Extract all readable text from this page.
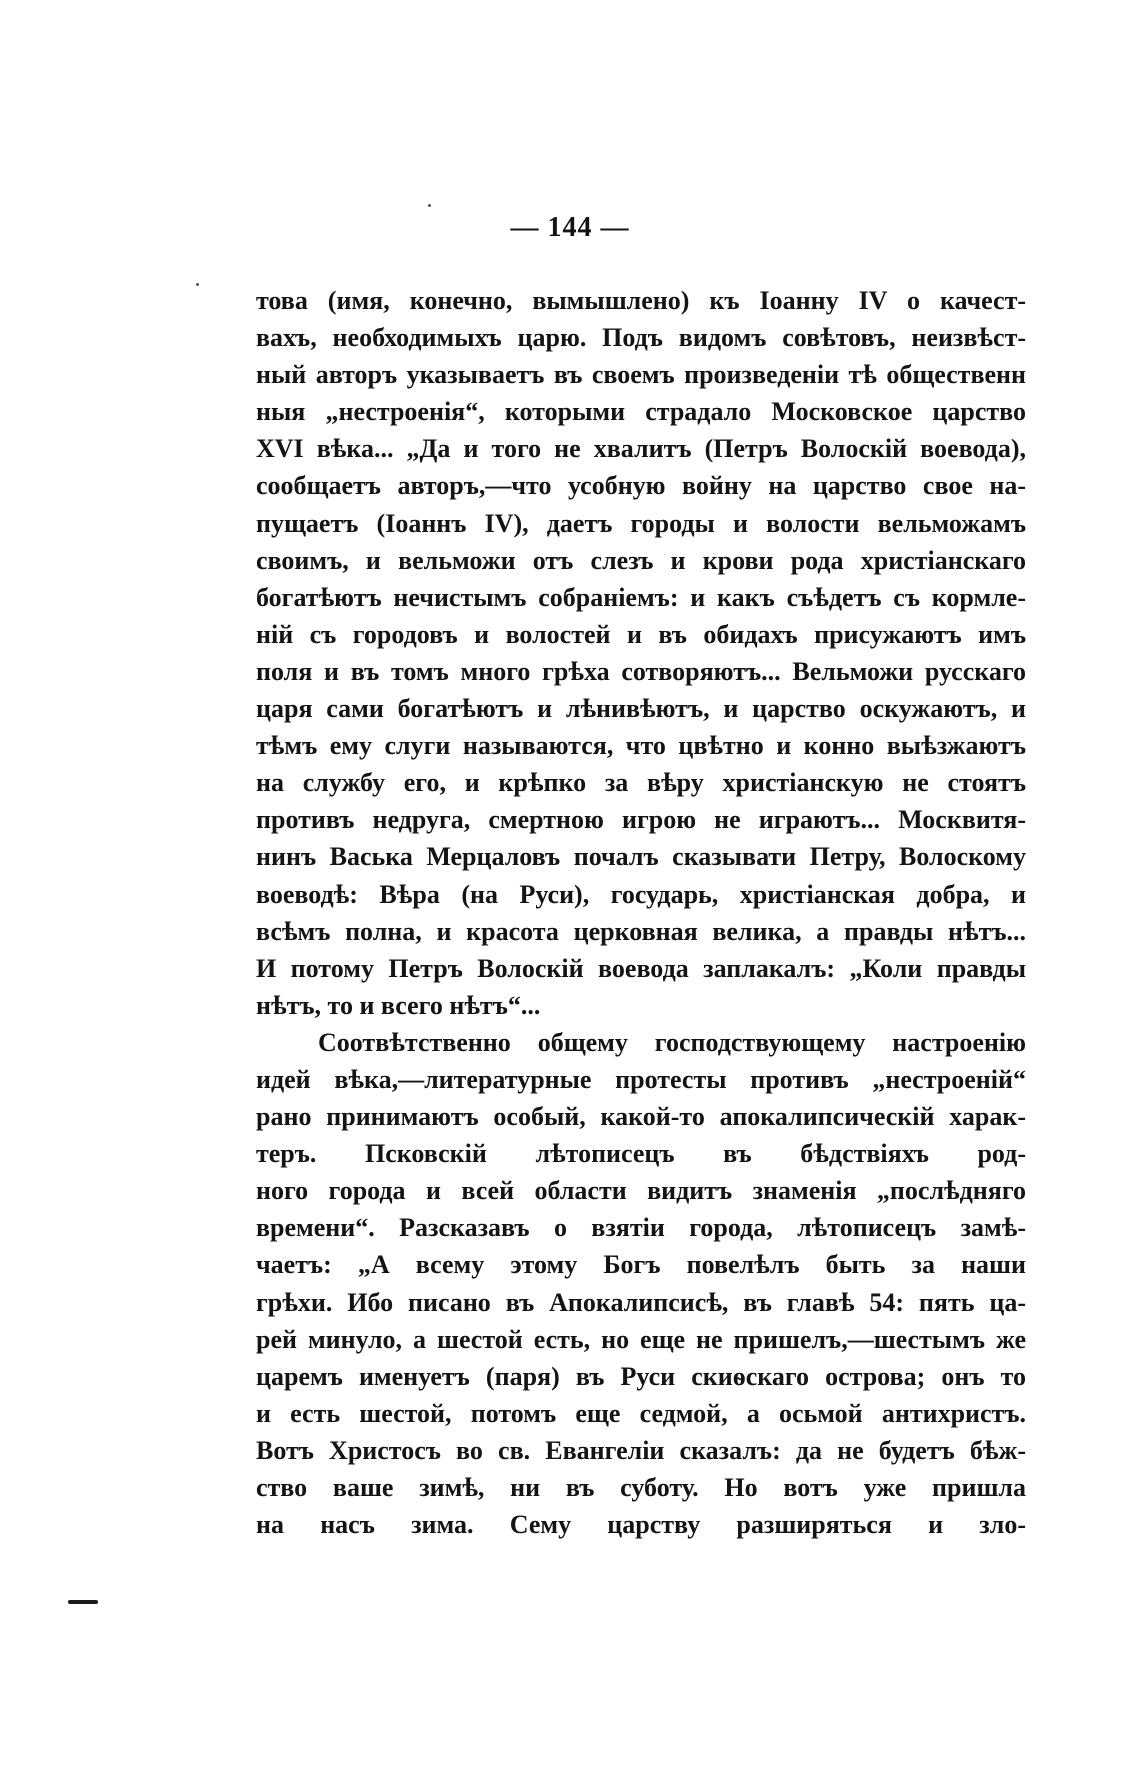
— 144 —
това (имя, конечно, вымышлено) къ Іоанну IV о качест-
вахъ, необходимыхъ царю. Подъ видомъ совѣтовъ, неизвѣст-
ный авторъ указываетъ въ своемъ произведеніи тѣ общественн
ныя „нестроенія“, которыми страдало Московское царство
XVI вѣка... „Да и того не хвалитъ (Петръ Волоскій воевода),
сообщаетъ авторъ,—что усобную войну на царство свое на-
пущаетъ (Іоаннъ IV), даетъ городы и волости вельможамъ
своимъ, и вельможи отъ слезъ и крови рода христіанскаго
богатѣютъ нечистымъ собраніемъ: и какъ съѣдетъ съ кормле-
ній съ городовъ и волостей и въ обидахъ присужаютъ имъ
поля и въ томъ много грѣха сотворяютъ... Вельможи русскаго
царя сами богатѣютъ и лѣнивѣютъ, и царство оскужаютъ, и
тѣмъ ему слуги называются, что цвѣтно и конно выѣзжаютъ
на службу его, и крѣпко за вѣру христіанскую не стоятъ
противъ недруга, смертною игрою не играютъ... Москвитя-
нинъ Васька Мерцаловъ почалъ сказывати Петру, Волоскому
воеводѣ: Вѣра (на Руси), государь, христіанская добра, и
всѣмъ полна, и красота церковная велика, а правды нѣтъ...
И потому Петръ Волоскій воевода заплакалъ: „Коли правды
нѣтъ, то и всего нѣтъ“...
Соотвѣтственно общему господствующему настроенію
идей вѣка,—литературные протесты противъ „нестроеній“
рано принимаютъ особый, какой-то апокалипсическій харак-
теръ. Псковскій лѣтописецъ въ бѣдствіяхъ род-
ного города и всей области видитъ знаменія „послѣдняго
времени“. Разсказавъ о взятіи города, лѣтописецъ замѣ-
чаетъ: „А всему этому Богъ повелѣлъ быть за наши
грѣхи. Ибо писано въ Апокалипсисѣ, въ главѣ 54: пять ца-
рей минуло, а шестой есть, но еще не пришелъ,—шестымъ же
царемъ именуетъ (паря) въ Руси скиѳскаго острова; онъ то
и есть шестой, потомъ еще седмой, а осьмой антихристъ.
Вотъ Христосъ во св. Евангеліи сказалъ: да не будетъ бѣж-
ство ваше зимѣ, ни въ суботу. Но вотъ уже пришла
на насъ зима. Сему царству разширяться и зло-
